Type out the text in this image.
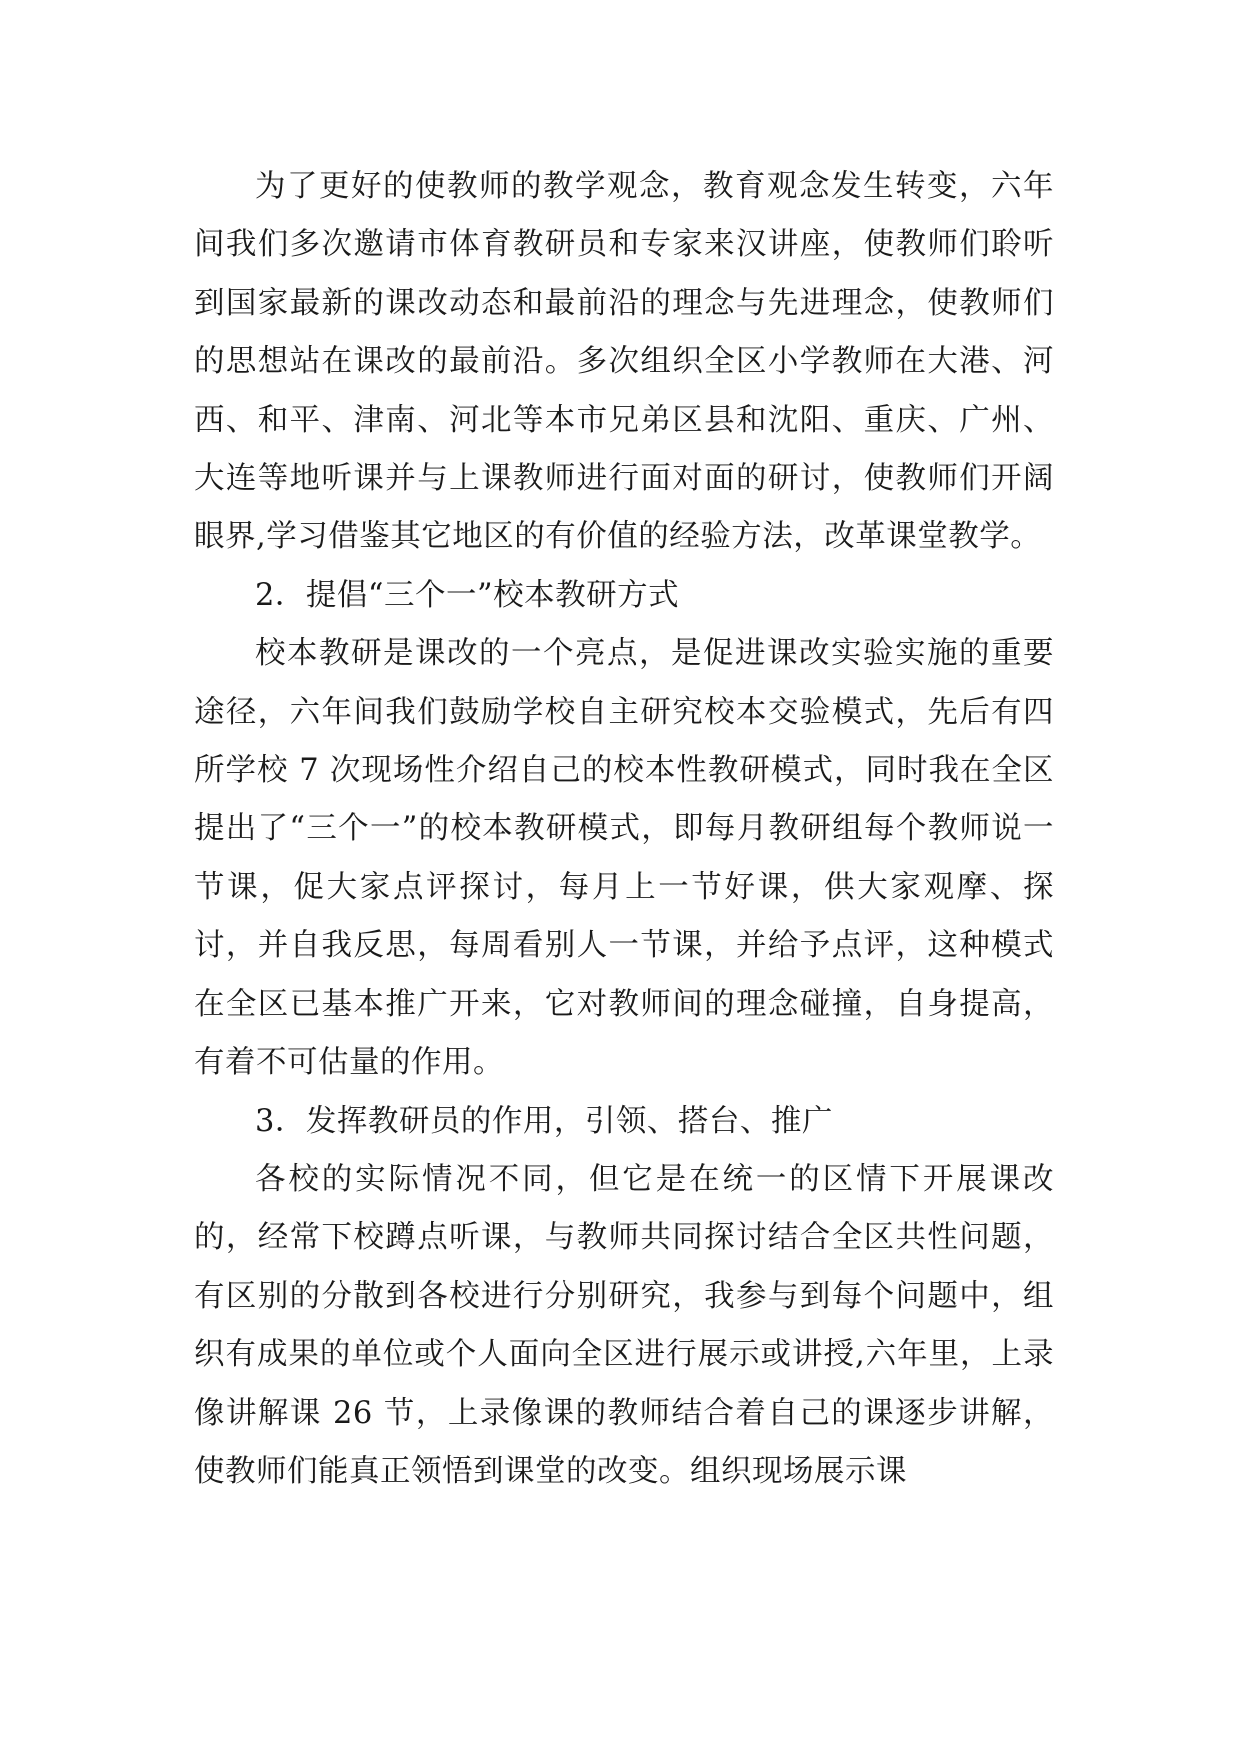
为了更好的使教师的教学观念，教育观念发生转变，六年间我们多次邀请市体育教研员和专家来汉讲座，使教师们聆听到国家最新的课改动态和最前沿的理念与先进理念，使教师们的思想站在课改的最前沿。多次组织全区小学教师在大港、河西、和平、津南、河北等本市兄弟区县和沈阳、重庆、广州、大连等地听课并与上课教师进行面对面的研讨，使教师们开阔眼界,学习借鉴其它地区的有价值的经验方法，改革课堂教学。

2．提倡“三个一”校本教研方式

校本教研是课改的一个亮点，是促进课改实验实施的重要途径，六年间我们鼓励学校自主研究校本交验模式，先后有四所学校 7 次现场性介绍自己的校本性教研模式，同时我在全区提出了“三个一”的校本教研模式，即每月教研组每个教师说一节课，促大家点评探讨，每月上一节好课，供大家观摩、探讨，并自我反思，每周看别人一节课，并给予点评，这种模式在全区已基本推广开来，它对教师间的理念碰撞，自身提高，有着不可估量的作用。

3．发挥教研员的作用，引领、搭台、推广

各校的实际情况不同，但它是在统一的区情下开展课改的，经常下校蹲点听课，与教师共同探讨结合全区共性问题，有区别的分散到各校进行分别研究，我参与到每个问题中，组织有成果的单位或个人面向全区进行展示或讲授,六年里，上录像讲解课 26 节，上录像课的教师结合着自己的课逐步讲解，使教师们能真正领悟到课堂的改变。组织现场展示课
